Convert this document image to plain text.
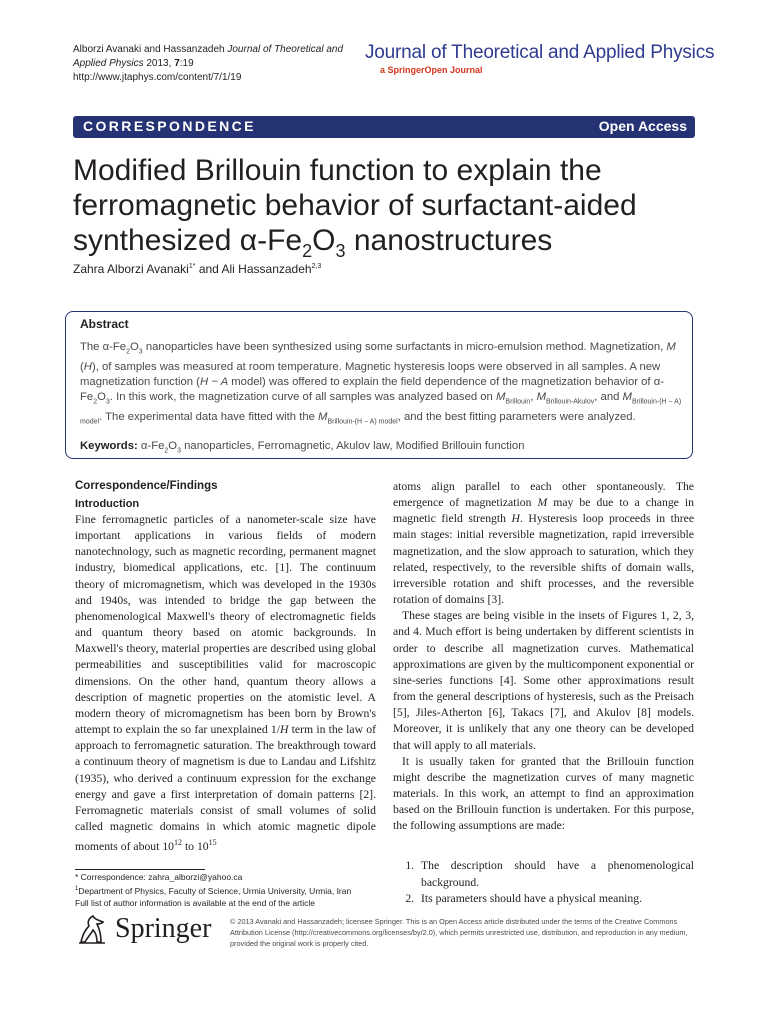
Alborzi Avanaki and Hassanzadeh Journal of Theoretical and
Applied Physics 2013, 7:19
http://www.jtaphys.com/content/7/1/19
Journal of Theoretical and Applied Physics
a SpringerOpen Journal
CORRESPONDENCE	Open Access
Modified Brillouin function to explain the
ferromagnetic behavior of surfactant-aided
synthesized $\alpha-Fe_2O_3$ nanostructures
Zahra Alborzi Avanaki$^{1*}$ and Ali Hassanzadeh$^{2,3}$
Abstract
The $\alpha-Fe_2O_3$ nanoparticles have been synthesized using some surfactants in micro-emulsion method. Magnetization, M (H), of samples was measured at room temperature. Magnetic hysteresis loops were observed in all samples. A new magnetization function (H − A model) was offered to explain the field dependence of the magnetization behavior of $\alpha-Fe_2O_3$. In this work, the magnetization curve of all samples was analyzed based on $M_{Brillouin}$, $M_{Brillouin-Akulov}$, and $M_{Brillouin-(H - A) model}$. The experimental data have fitted with the $M_{Brillouin-(H - A) model}$, and the best fitting parameters were analyzed.
Keywords: $\alpha-Fe_2O_3$ nanoparticles, Ferromagnetic, Akulov law, Modified Brillouin function
Correspondence/Findings
Introduction

Fine ferromagnetic particles of a nanometer-scale size have important applications in various fields of modern nanotechnology, such as magnetic recording, permanent magnet industry, biomedical applications, etc. [1]. The continuum theory of micromagnetism, which was developed in the 1930s and 1940s, was intended to bridge the gap between the phenomenological Maxwell's theory of electromagnetic fields and quantum theory based on atomic backgrounds. In Maxwell's theory, material properties are described using global permeabilities and susceptibilities valid for macroscopic dimensions. On the other hand, quantum theory allows a description of magnetic properties on the atomistic level. A modern theory of micromagnetism has been born by Brown's attempt to explain the so far unexplained 1/H term in the law of approach to ferromagnetic saturation. The breakthrough toward a continuum theory of magnetism is due to Landau and Lifshitz (1935), who derived a continuum expression for the exchange energy and gave a first interpretation of domain patterns [2]. Ferromagnetic materials consist of small volumes of solid called magnetic domains in which atomic magnetic dipole moments of about $10^{12}$ to $10^{15}$

atoms align parallel to each other spontaneously. The emergence of magnetization M may be due to a change in magnetic field strength H. Hysteresis loop proceeds in three main stages: initial reversible magnetization, rapid irreversible magnetization, and the slow approach to saturation, which they related, respectively, to the reversible shifts of domain walls, irreversible rotation and shift processes, and the reversible rotation of domains [3].

These stages are being visible in the insets of Figures 1, 2, 3, and 4. Much effort is being undertaken by different scientists in order to describe all magnetization curves. Mathematical approximations are given by the multicomponent exponential or sine-series functions [4]. Some other approximations result from the general descriptions of hysteresis, such as the Preisach [5], Jiles-Atherton [6], Takacs [7], and Akulov [8] models. Moreover, it is unlikely that any one theory can be developed that will apply to all materials.

It is usually taken for granted that the Brillouin function might describe the magnetization curves of many magnetic materials. In this work, an attempt to find an approximation based on the Brillouin function is undertaken. For this purpose, the following assumptions are made:

1. The description should have a phenomenological background.
2. Its parameters should have a physical meaning.
* Correspondence: zahra_alborzi@yahoo.ca
$^1$Department of Physics, Faculty of Science, Urmia University, Urmia, Iran
Full list of author information is available at the end of the article
Springer	© 2013 Avanaki and Hassanzadeh; licensee Springer. This is an Open Access article distributed under the terms of the Creative Commons Attribution License (http://creativecommons.org/licenses/by/2.0), which permits unrestricted use, distribution, and reproduction in any medium, provided the original work is properly cited.
